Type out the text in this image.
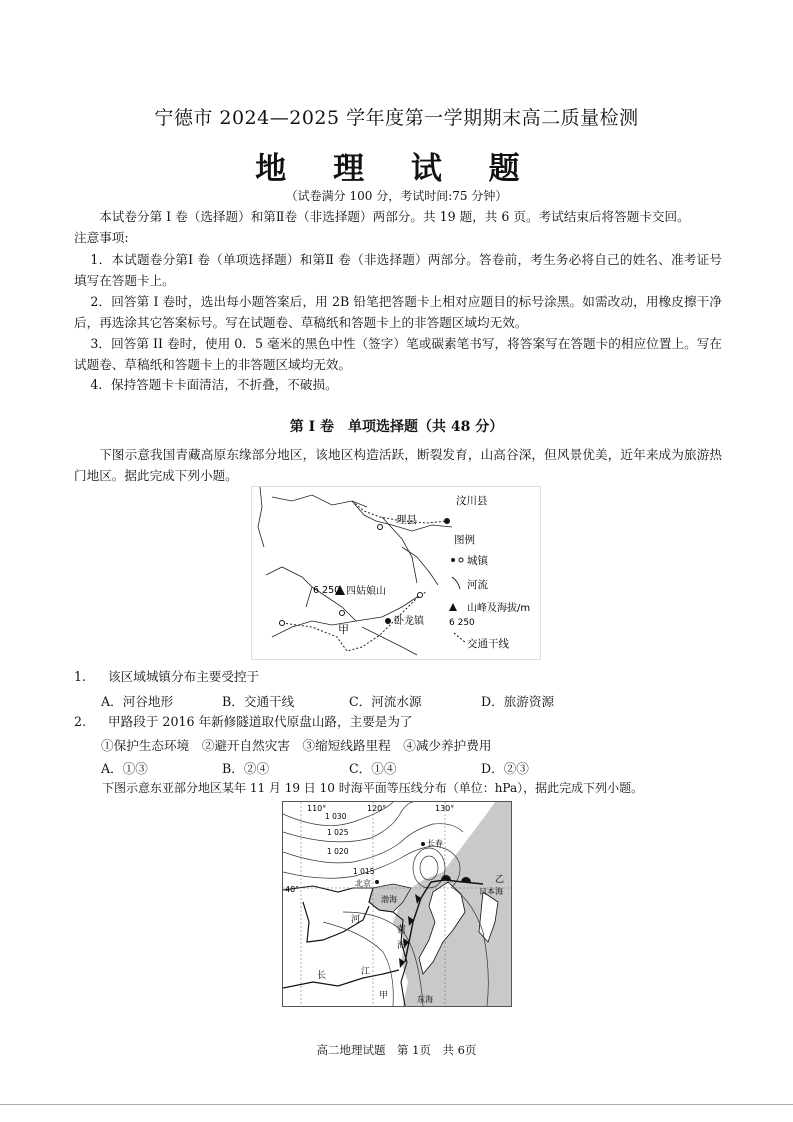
宁德市 2024—2025 学年度第一学期期末高二质量检测
地 理 试 题
（试卷满分 100 分，考试时间:75 分钟）
本试卷分第 I 卷（选择题）和第Ⅱ卷（非选择题）两部分。共 19 题，共 6 页。考试结束后将答题卡交回。
注意事项:
1．本试题卷分第I 卷（单项选择题）和第Ⅱ 卷（非选择题）两部分。答卷前，考生务必将自己的姓名、准考证号填写在答题卡上。
2．回答第 I 卷时，选出每小题答案后，用 2B 铅笔把答题卡上相对应题目的标号涂黑。如需改动，用橡皮擦干净后，再选涂其它答案标号。写在试题卷、草稿纸和答题卡上的非答题区域均无效。
3．回答第 II 卷时，使用 0．5 毫米的黑色中性（签字）笔或碳素笔书写，将答案写在答题卡的相应位置上。写在试题卷、草稿纸和答题卡上的非答题区域均无效。
4．保持答题卡卡面清洁，不折叠，不破损。
第 I 卷　单项选择题（共 48 分）
下图示意我国青藏高原东缘部分地区，该地区构造活跃，断裂发育，山高谷深，但风景优美，近年来成为旅游热门地区。据此完成下列小题。
6 250 四姑娘山
甲
卧龙镇
汶川县
理县
图例
城镇
河流
山峰及海拔/m
6 250
交通干线
1. 该区域城镇分布主要受控于
A．河谷地形	B．交通干线	C．河流水源	D．旅游资源
2. 甲路段于 2016 年新修隧道取代原盘山路，主要是为了
①保护生态环境　②避开自然灾害　③缩短线路里程　④减少养护费用
A．①③	B．②④	C．①④	D．②③
下图示意东亚部分地区某年 11 月 19 日 10 时海平面等压线分布（单位：hPa），据此完成下列小题。
110°	120°	130°
40°
1 030
1 025
1 020
1 015
北京
长春
渤海
河
黄
海
日本海
乙
长	江
甲	东海
高二地理试题　第 1页　共 6页
